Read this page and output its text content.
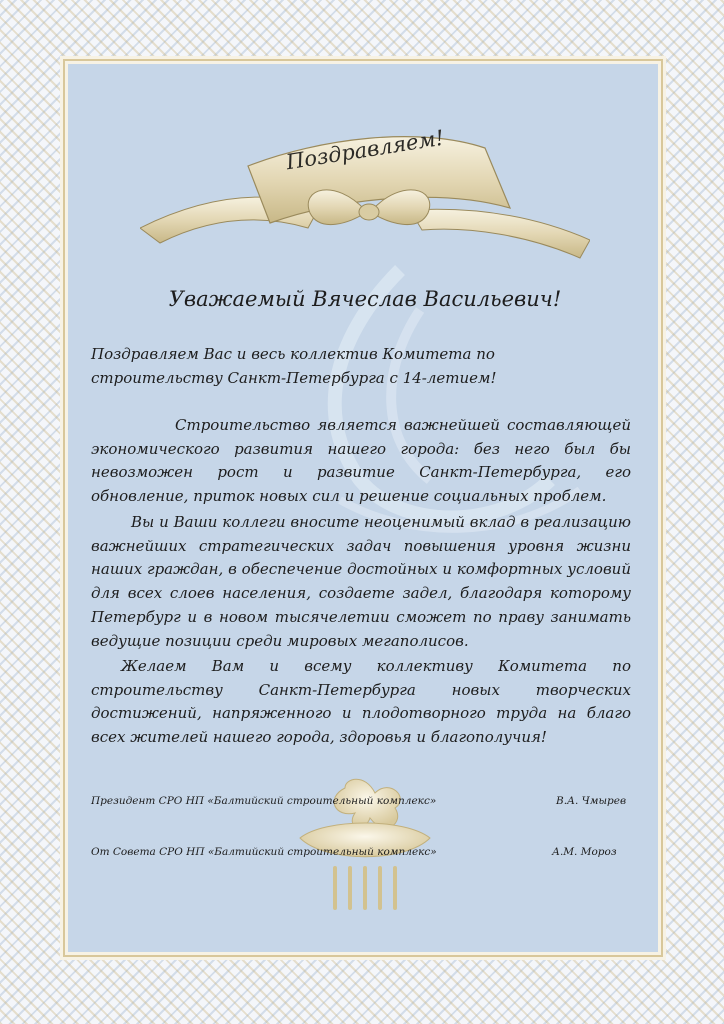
Поздравляем!
Уважаемый Вячеслав Васильевич!
Поздравляем Вас и весь коллектив Комитета по строительству Санкт-Петербурга с 14-летием!
Строительство является важнейшей составляющей экономического развития нашего города: без него был бы невозможен рост и развитие Санкт-Петербурга, его обновление, приток новых сил и решение социальных проблем.
Вы и Ваши коллеги вносите неоценимый вклад в реализацию важнейших стратегических задач повышения уровня жизни наших граждан, в обеспечение достойных и комфортных условий для всех слоев населения, создаете задел, благодаря которому Петербург и в новом тысячелетии сможет по праву занимать ведущие позиции среди мировых мегаполисов.
Желаем Вам и всему коллективу Комитета по строительству Санкт-Петербурга новых творческих достижений, напряженного и плодотворного труда на благо всех жителей нашего города, здоровья и благополучия!
Президент СРО НП «Балтийский строительный комплекс»	В.А. Чмырев
От Совета СРО НП «Балтийский строительный комплекс»	А.М. Мороз
